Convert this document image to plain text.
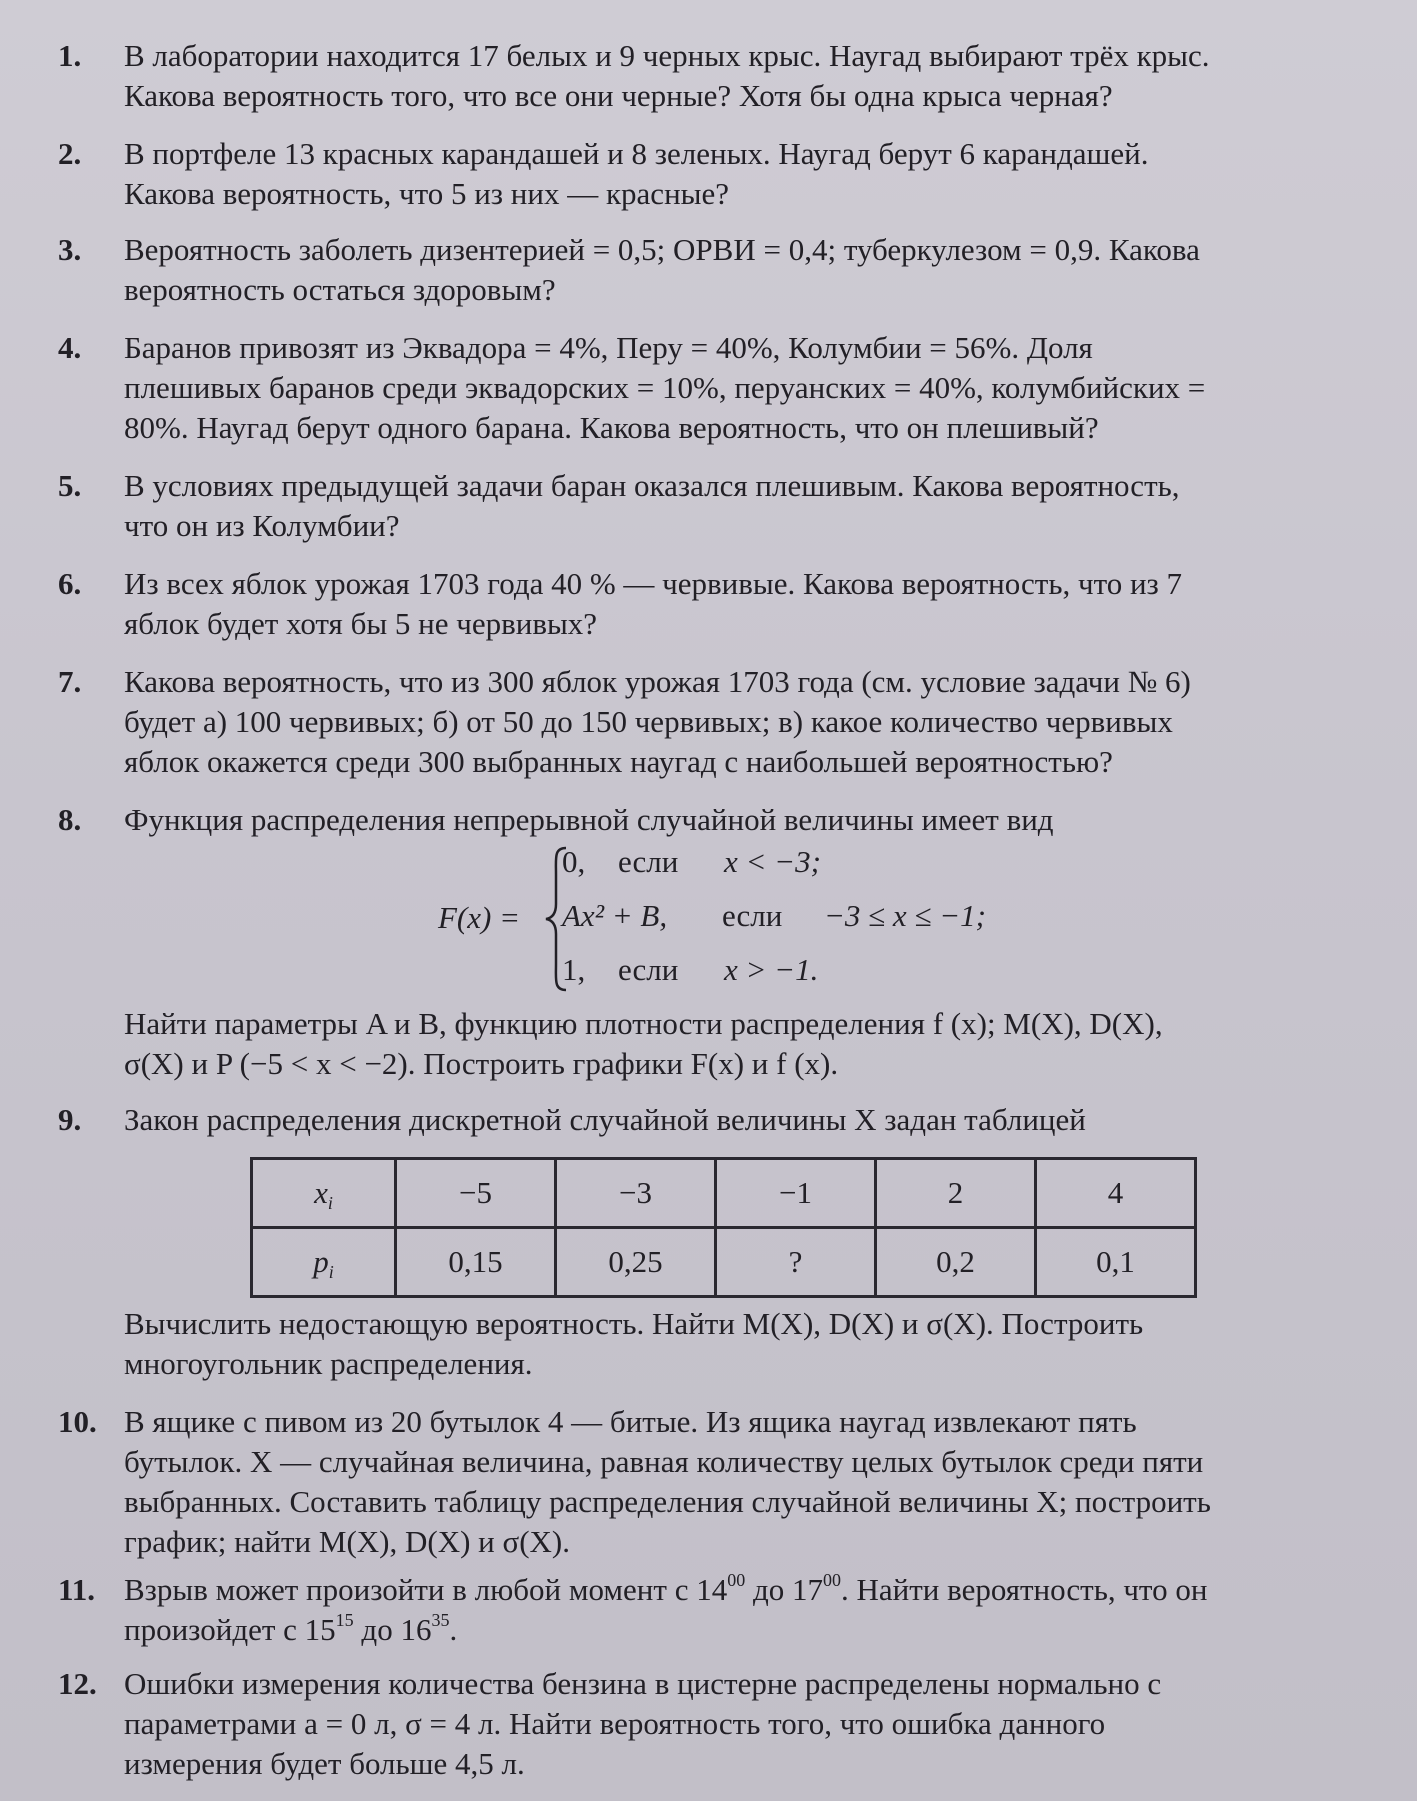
1.	В лаборатории находится 17 белых и 9 черных крыс. Наугад выбирают трёх крыс.
Какова вероятность того, что все они черные? Хотя бы одна крыса черная?
2.	В портфеле 13 красных карандашей и 8 зеленых. Наугад берут 6 карандашей.
Какова вероятность, что 5 из них — красные?
3.	Вероятность заболеть дизентерией = 0,5; ОРВИ = 0,4; туберкулезом = 0,9. Какова
вероятность остаться здоровым?
4.	Баранов привозят из Эквадора = 4%, Перу = 40%, Колумбии = 56%. Доля
плешивых баранов среди эквадорских = 10%, перуанских = 40%, колумбийских =
80%. Наугад берут одного барана. Какова вероятность, что он плешивый?
5.	В условиях предыдущей задачи баран оказался плешивым. Какова вероятность,
что он из Колумбии?
6.	Из всех яблок урожая 1703 года 40 % — червивые. Какова вероятность, что из 7
яблок будет хотя бы 5 не червивых?
7.	Какова вероятность, что из 300 яблок урожая 1703 года (см. условие задачи № 6)
будет а) 100 червивых; б) от 50 до 150 червивых; в) какое количество червивых
яблок окажется среди 300 выбранных наугад с наибольшей вероятностью?
8.	Функция распределения непрерывной случайной величины имеет вид
F(x) =
0, если x < −3;
Ax² + B, если −3 ≤ x ≤ −1;
1, если x > −1.
Найти параметры A и B, функцию плотности распределения f (x); M(X), D(X),
σ(X) и P (−5 < x < −2). Построить графики F(x) и f (x).
9.	Закон распределения дискретной случайной величины X задан таблицей
$x_i$	−5	−3	−1	2	4
$p_i$	0,15	0,25	?	0,2	0,1
Вычислить недостающую вероятность. Найти M(X), D(X) и σ(X). Построить
многоугольник распределения.
10. В ящике с пивом из 20 бутылок 4 — битые. Из ящика наугад извлекают пять
бутылок. X — случайная величина, равная количеству целых бутылок среди пяти
выбранных. Составить таблицу распределения случайной величины X; построить
график; найти M(X), D(X) и σ(X).
11. Взрыв может произойти в любой момент с $14^{00}$ до $17^{00}$. Найти вероятность, что он
произойдет с $15^{15}$ до $16^{35}$.
12. Ошибки измерения количества бензина в цистерне распределены нормально с
параметрами a = 0 л, σ = 4 л. Найти вероятность того, что ошибка данного
измерения будет больше 4,5 л.
